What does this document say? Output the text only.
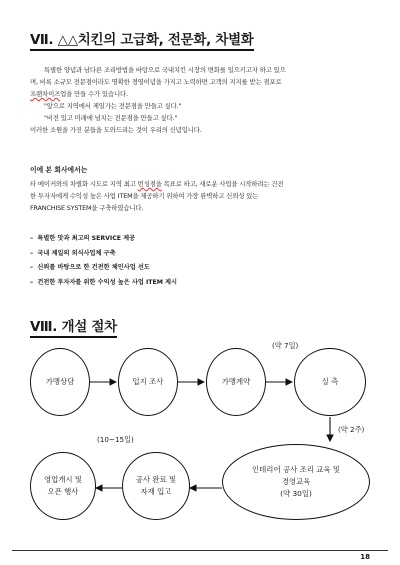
Ⅶ. △△치킨의 고급화, 전문화, 차별화

특별한 양념과 남다른 조리방법을 바탕으로 국내치킨 시장의 변화를 일으키고자 하고 있으

며, 비록 소규모 전문점이라도 명확한 경영이념을 가지고 노력하면 고객의 지지를 받는 점포로

프랜차이즈업을 만들 수가 있습니다.

"앞으로 지역에서 제일가는 전문점을 만들고 싶다."

"비전 있고 미래에 넘치는 전문점을 만들고 싶다."

이러한 소원을 가진 분들을 도와드리는 것이 우리의 신념입니다.

이에 본 회사에서는

타 메이커와의 차별화 시도로 지역 최고 번성점을 목표로 하고, 새로운 사업을 시작하려는 건전

한 투자자에게 수익성 높은 사업 ITEM을 제공하기 위하여 가장 완벽하고 신뢰성 있는

FRANCHISE SYSTEM을 구축하였습니다.

–  특별한 맛과 최고의 SERVICE 제공
–  국내 제일의 외식사업체 구축
–  신뢰를 바탕으로 한 건전한 체인사업 선도
–  건전한 투자자를 위한 수익성 높은 사업 ITEM 제시
Ⅷ. 개설 절차
가맹상담	입지 조사	가맹계약	실 측
인테리어 공사 조리 교육 및
경영교육
(약 30일)
공사 완료 및
자재 입고
영업개시 및
오픈 행사
(약 7일)
(약 2주)
(10~15일)
18
